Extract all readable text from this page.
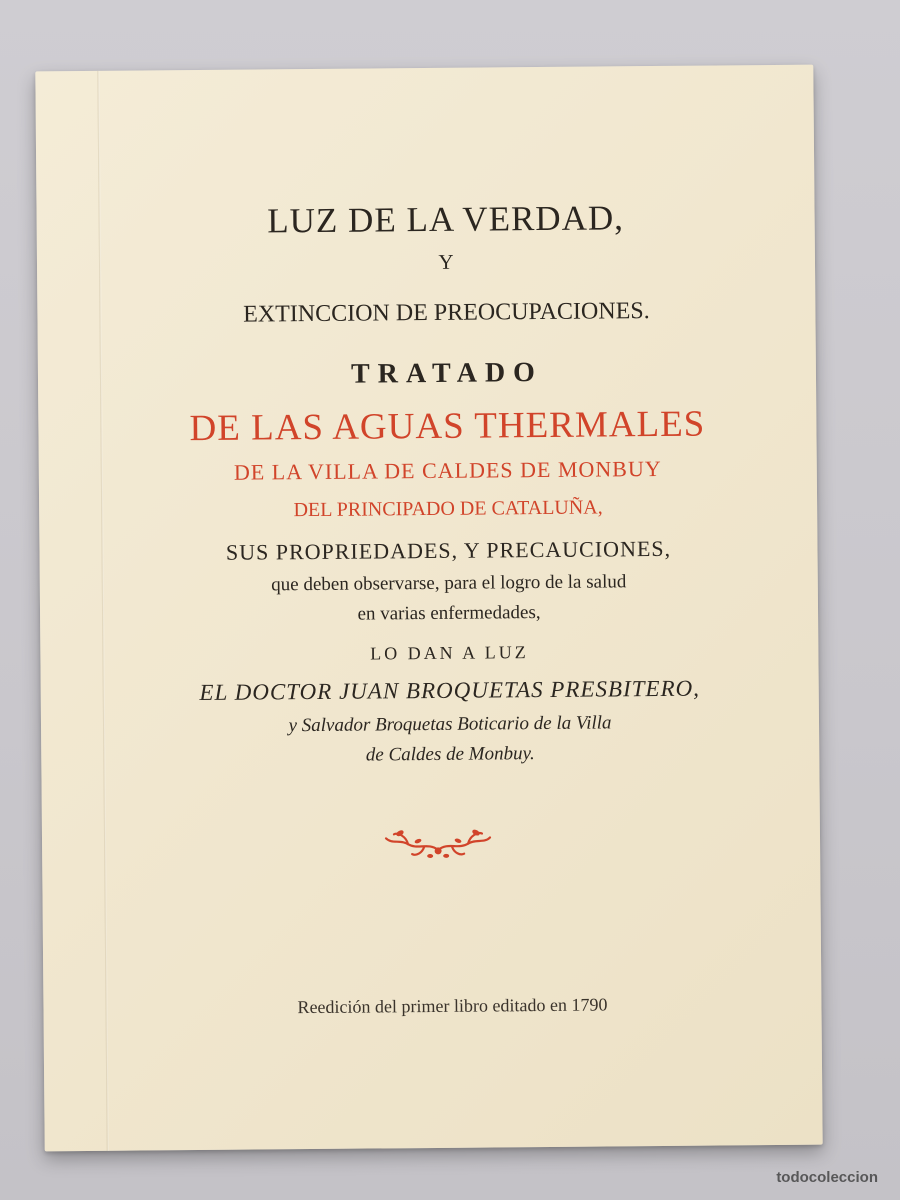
LUZ DE LA VERDAD,
Y
EXTINCCION DE PREOCUPACIONES.
TRATADO
DE LAS AGUAS THERMALES
DE LA VILLA DE CALDES DE MONBUY
DEL PRINCIPADO DE CATALUÑA,
SUS PROPRIEDADES, Y PRECAUCIONES,
que deben observarse, para el logro de la salud
en varias enfermedades,
LO DAN A LUZ
EL DOCTOR JUAN BROQUETAS PRESBITERO,
y Salvador Broquetas Boticario de la Villa
de Caldes de Monbuy.
Reedición del primer libro editado en 1790
todocoleccion
